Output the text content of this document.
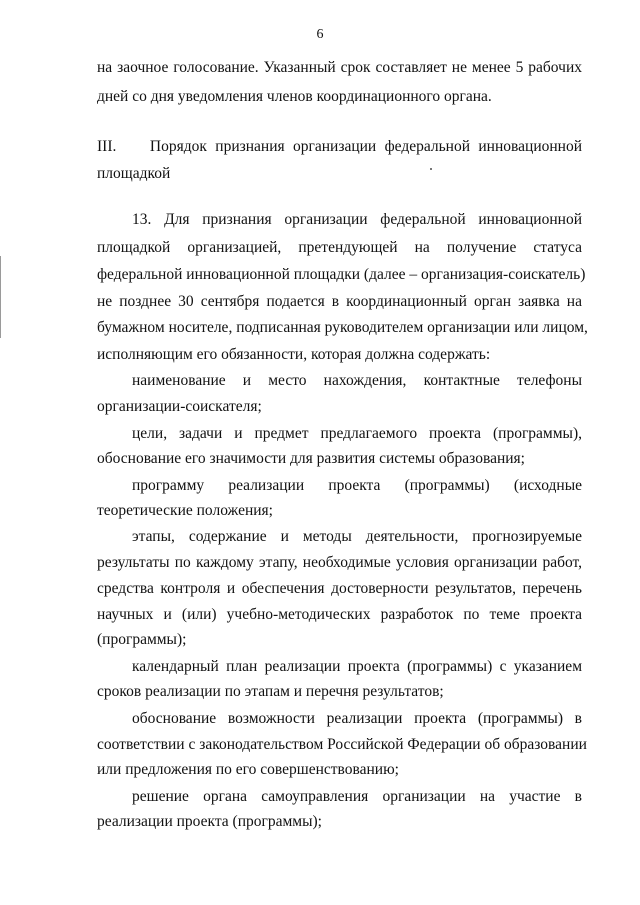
6
на заочное голосование. Указанный срок составляет не менее 5 рабочих
дней со дня уведомления членов координационного органа.
III.    Порядок признания организации федеральной инновационной
площадкой
13. Для признания организации федеральной инновационной
площадкой организацией, претендующей на получение статуса
федеральной инновационной площадки (далее – организация-соискатель)
не позднее 30 сентября подается в координационный орган заявка на
бумажном носителе, подписанная руководителем организации или лицом,
исполняющим его обязанности, которая должна содержать:
наименование и место нахождения, контактные телефоны
организации-соискателя;
цели, задачи и предмет предлагаемого проекта (программы),
обоснование его значимости для развития системы образования;
программу реализации проекта (программы) (исходные
теоретические положения;
этапы, содержание и методы деятельности, прогнозируемые
результаты по каждому этапу, необходимые условия организации работ,
средства контроля и обеспечения достоверности результатов, перечень
научных и (или) учебно-методических разработок по теме проекта
(программы);
календарный план реализации проекта (программы) с указанием
сроков реализации по этапам и перечня результатов;
обоснование возможности реализации проекта (программы) в
соответствии с законодательством Российской Федерации об образовании
или предложения по его совершенствованию;
решение органа самоуправления организации на участие в
реализации проекта (программы);
